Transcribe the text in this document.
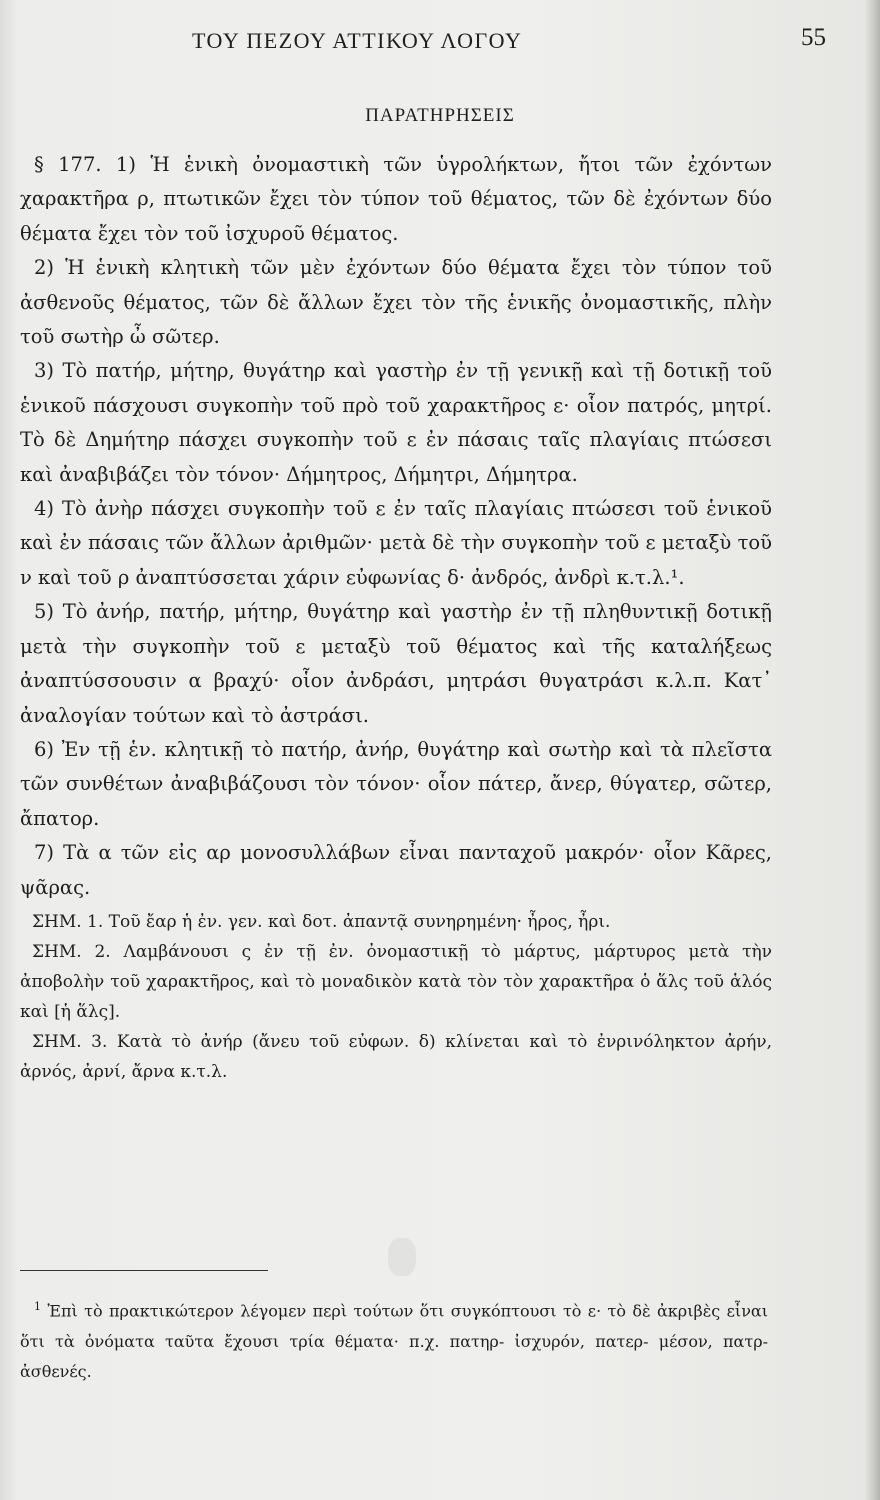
ΤΟΥ ΠΕΖΟΥ ΑΤΤΙΚΟΥ ΛΟΓΟΥ	55
ΠΑΡΑΤΗΡΗΣΕΙΣ

§ 177. 1) Ἡ ἑνικὴ ὀνομαστικὴ τῶν ὑγρολήκτων, ἤτοι τῶν ἐχόντων χαρακτῆρα ρ, πτωτικῶν ἔχει τὸν τύπον τοῦ θέματος, τῶν δὲ ἐχόντων δύο θέματα ἔχει τὸν τοῦ ἰσχυροῦ θέματος.

2) Ἡ ἑνικὴ κλητικὴ τῶν μὲν ἐχόντων δύο θέματα ἔχει τὸν τύπον τοῦ ἀσθενοῦς θέματος, τῶν δὲ ἄλλων ἔχει τὸν τῆς ἑνικῆς ὀνομαστικῆς, πλὴν τοῦ σωτὴρ ὦ σῶτερ.

3) Τὸ πατήρ, μήτηρ, θυγάτηρ καὶ γαστὴρ ἐν τῇ γενικῇ καὶ τῇ δοτικῇ τοῦ ἑνικοῦ πάσχουσι συγκοπὴν τοῦ πρὸ τοῦ χαρακτῆρος ε· οἷον πατρός, μητρί. Τὸ δὲ Δημήτηρ πάσχει συγκοπὴν τοῦ ε ἐν πάσαις ταῖς πλαγίαις πτώσεσι καὶ ἀναβιβάζει τὸν τόνον· Δήμητρος, Δήμητρι, Δήμητρα.

4) Τὸ ἀνὴρ πάσχει συγκοπὴν τοῦ ε ἐν ταῖς πλαγίαις πτώσεσι τοῦ ἑνικοῦ καὶ ἐν πάσαις τῶν ἄλλων ἀριθμῶν· μετὰ δὲ τὴν συγκοπὴν τοῦ ε μεταξὺ τοῦ ν καὶ τοῦ ρ ἀναπτύσσεται χάριν εὐφωνίας δ· ἀνδρός, ἀνδρὶ κ.τ.λ.¹.

5) Τὸ ἀνήρ, πατήρ, μήτηρ, θυγάτηρ καὶ γαστὴρ ἐν τῇ πληθυντικῇ δοτικῇ μετὰ τὴν συγκοπὴν τοῦ ε μεταξὺ τοῦ θέματος καὶ τῆς καταλήξεως ἀναπτύσσουσιν α βραχύ· οἷον ἀνδράσι, μητράσι θυγατράσι κ.λ.π. Κατ᾽ ἀναλογίαν τούτων καὶ τὸ ἀστράσι.

6) Ἐν τῇ ἑν. κλητικῇ τὸ πατήρ, ἀνήρ, θυγάτηρ καὶ σωτὴρ καὶ τὰ πλεῖστα τῶν συνθέτων ἀναβιβάζουσι τὸν τόνον· οἷον πάτερ, ἄνερ, θύγατερ, σῶτερ, ἄπατορ.

7) Τὰ α τῶν εἰς αρ μονοσυλλάβων εἶναι πανταχοῦ μακρόν· οἷον Κᾶρες, ψᾶρας.

ΣΗΜ. 1. Τοῦ ἔαρ ἡ ἐν. γεν. καὶ δοτ. ἀπαντᾷ συνηρημένη· ἦρος, ἦρι.

ΣΗΜ. 2. Λαμβάνουσι ς ἐν τῇ ἐν. ὀνομαστικῇ τὸ μάρτυς, μάρτυρος μετὰ τὴν ἀποβολὴν τοῦ χαρακτῆρος, καὶ τὸ μοναδικὸν κατὰ τὸν τὸν χαρακτῆρα ὁ ἅλς τοῦ ἁλός καὶ [ἡ ἅλς].

ΣΗΜ. 3. Κατὰ τὸ ἀνήρ (ἄνευ τοῦ εὐφων. δ) κλίνεται καὶ τὸ ἐνρινόληκτον ἀρήν, ἀρνός, ἀρνί, ἄρνα κ.τ.λ.

$^1$ Ἐπὶ τὸ πρακτικώτερον λέγομεν περὶ τούτων ὅτι συγκόπτουσι τὸ ε· τὸ δὲ ἀκριβὲς εἶναι ὅτι τὰ ὀνόματα ταῦτα ἔχουσι τρία θέματα· π.χ. πατηρ- ἰσχυρόν, πατερ- μέσον, πατρ- ἀσθενές.
